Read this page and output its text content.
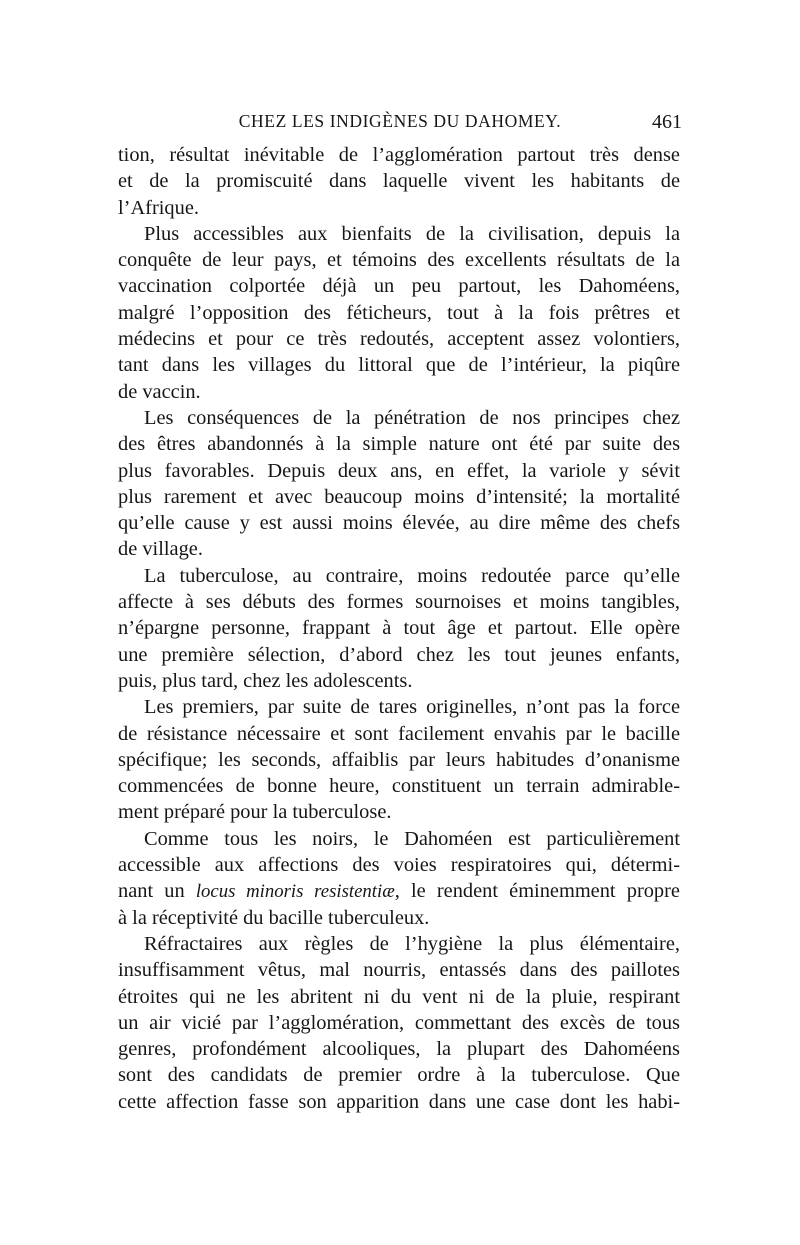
CHEZ LES INDIGÈNES DU DAHOMEY.	461
tion, résultat inévitable de l’agglomération partout très dense
et de la promiscuité dans laquelle vivent les habitants de
l’Afrique.
Plus accessibles aux bienfaits de la civilisation, depuis la
conquête de leur pays, et témoins des excellents résultats de la
vaccination colportée déjà un peu partout, les Dahoméens,
malgré l’opposition des féticheurs, tout à la fois prêtres et
médecins et pour ce très redoutés, acceptent assez volontiers,
tant dans les villages du littoral que de l’intérieur, la piqûre
de vaccin.
Les conséquences de la pénétration de nos principes chez
des êtres abandonnés à la simple nature ont été par suite des
plus favorables. Depuis deux ans, en effet, la variole y sévit
plus rarement et avec beaucoup moins d’intensité; la mortalité
qu’elle cause y est aussi moins élevée, au dire même des chefs
de village.
La tuberculose, au contraire, moins redoutée parce qu’elle
affecte à ses débuts des formes sournoises et moins tangibles,
n’épargne personne, frappant à tout âge et partout. Elle opère
une première sélection, d’abord chez les tout jeunes enfants,
puis, plus tard, chez les adolescents.
Les premiers, par suite de tares originelles, n’ont pas la force
de résistance nécessaire et sont facilement envahis par le bacille
spécifique; les seconds, affaiblis par leurs habitudes d’onanisme
commencées de bonne heure, constituent un terrain admirable-
ment préparé pour la tuberculose.
Comme tous les noirs, le Dahoméen est particulièrement
accessible aux affections des voies respiratoires qui, détermi-
nant un locus minoris resistentiæ, le rendent éminemment propre
à la réceptivité du bacille tuberculeux.
Réfractaires aux règles de l’hygiène la plus élémentaire,
insuffisamment vêtus, mal nourris, entassés dans des paillotes
étroites qui ne les abritent ni du vent ni de la pluie, respirant
un air vicié par l’agglomération, commettant des excès de tous
genres, profondément alcooliques, la plupart des Dahoméens
sont des candidats de premier ordre à la tuberculose. Que
cette affection fasse son apparition dans une case dont les habi-
